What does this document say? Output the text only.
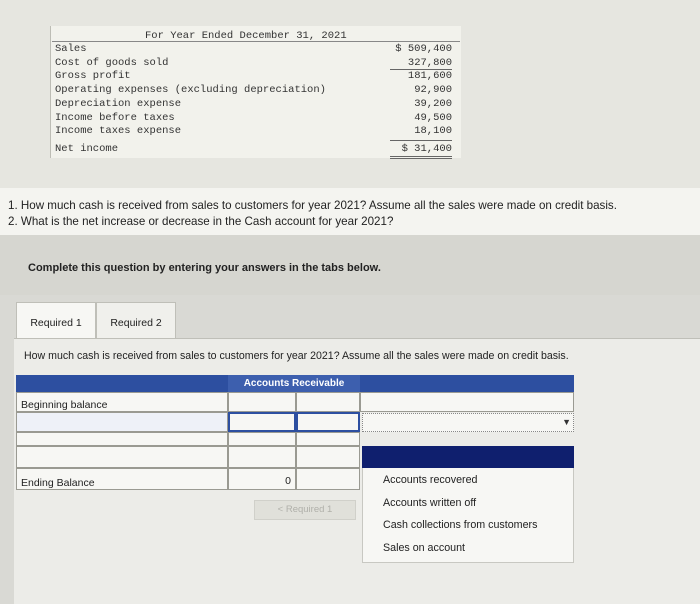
For Year Ended December 31, 2021
Sales
Cost of goods sold
Gross profit
Operating expenses (excluding depreciation)
Depreciation expense
Income before taxes
Income taxes expense
Net income
$ 509,400
327,800
181,600
92,900
39,200
49,500
18,100
$ 31,400
1. How much cash is received from sales to customers for year 2021? Assume all the sales were made on credit basis.
2. What is the net increase or decrease in the Cash account for year 2021?
Complete this question by entering your answers in the tabs below.
Required 1	Required 2
How much cash is received from sales to customers for year 2021? Assume all the sales were made on credit basis.
Accounts Receivable
Beginning balance
Ending Balance	0
▼
Accounts recovered
Accounts written off
Cash collections from customers
Sales on account
< Required 1
